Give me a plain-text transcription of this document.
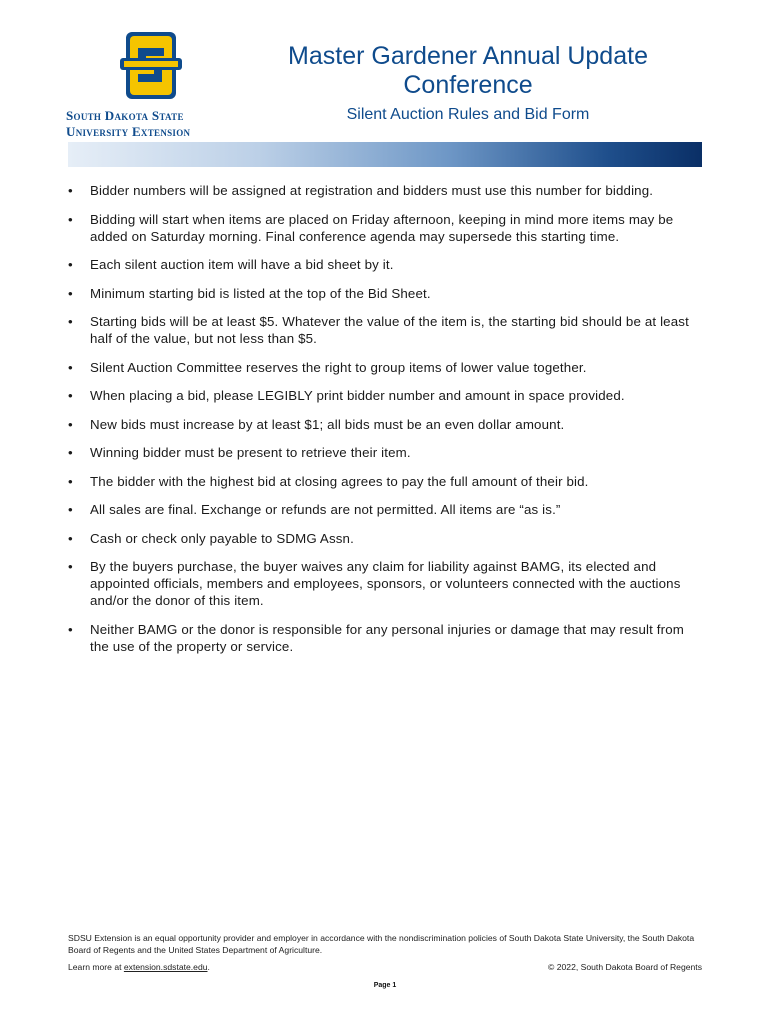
South Dakota State
University Extension
Master Gardener Annual Update Conference
Silent Auction Rules and Bid Form
• Bidder numbers will be assigned at registration and bidders must use this number for bidding.
• Bidding will start when items are placed on Friday afternoon, keeping in mind more items may be added on Saturday morning. Final conference agenda may supersede this starting time.
• Each silent auction item will have a bid sheet by it.
• Minimum starting bid is listed at the top of the Bid Sheet.
• Starting bids will be at least $5. Whatever the value of the item is, the starting bid should be at least half of the value, but not less than $5.
• Silent Auction Committee reserves the right to group items of lower value together.
• When placing a bid, please LEGIBLY print bidder number and amount in space provided.
• New bids must increase by at least $1; all bids must be an even dollar amount.
• Winning bidder must be present to retrieve their item.
• The bidder with the highest bid at closing agrees to pay the full amount of their bid.
• All sales are final. Exchange or refunds are not permitted. All items are “as is.”
• Cash or check only payable to SDMG Assn.
• By the buyers purchase, the buyer waives any claim for liability against BAMG, its elected and appointed officials, members and employees, sponsors, or volunteers connected with the auctions and/or the donor of this item.
• Neither BAMG or the donor is responsible for any personal injuries or damage that may result from the use of the property or service.
SDSU Extension is an equal opportunity provider and employer in accordance with the nondiscrimination policies of South Dakota State University, the South Dakota Board of Regents and the United States Department of Agriculture.
Learn more at extension.sdstate.edu.	© 2022, South Dakota Board of Regents
Page 1
